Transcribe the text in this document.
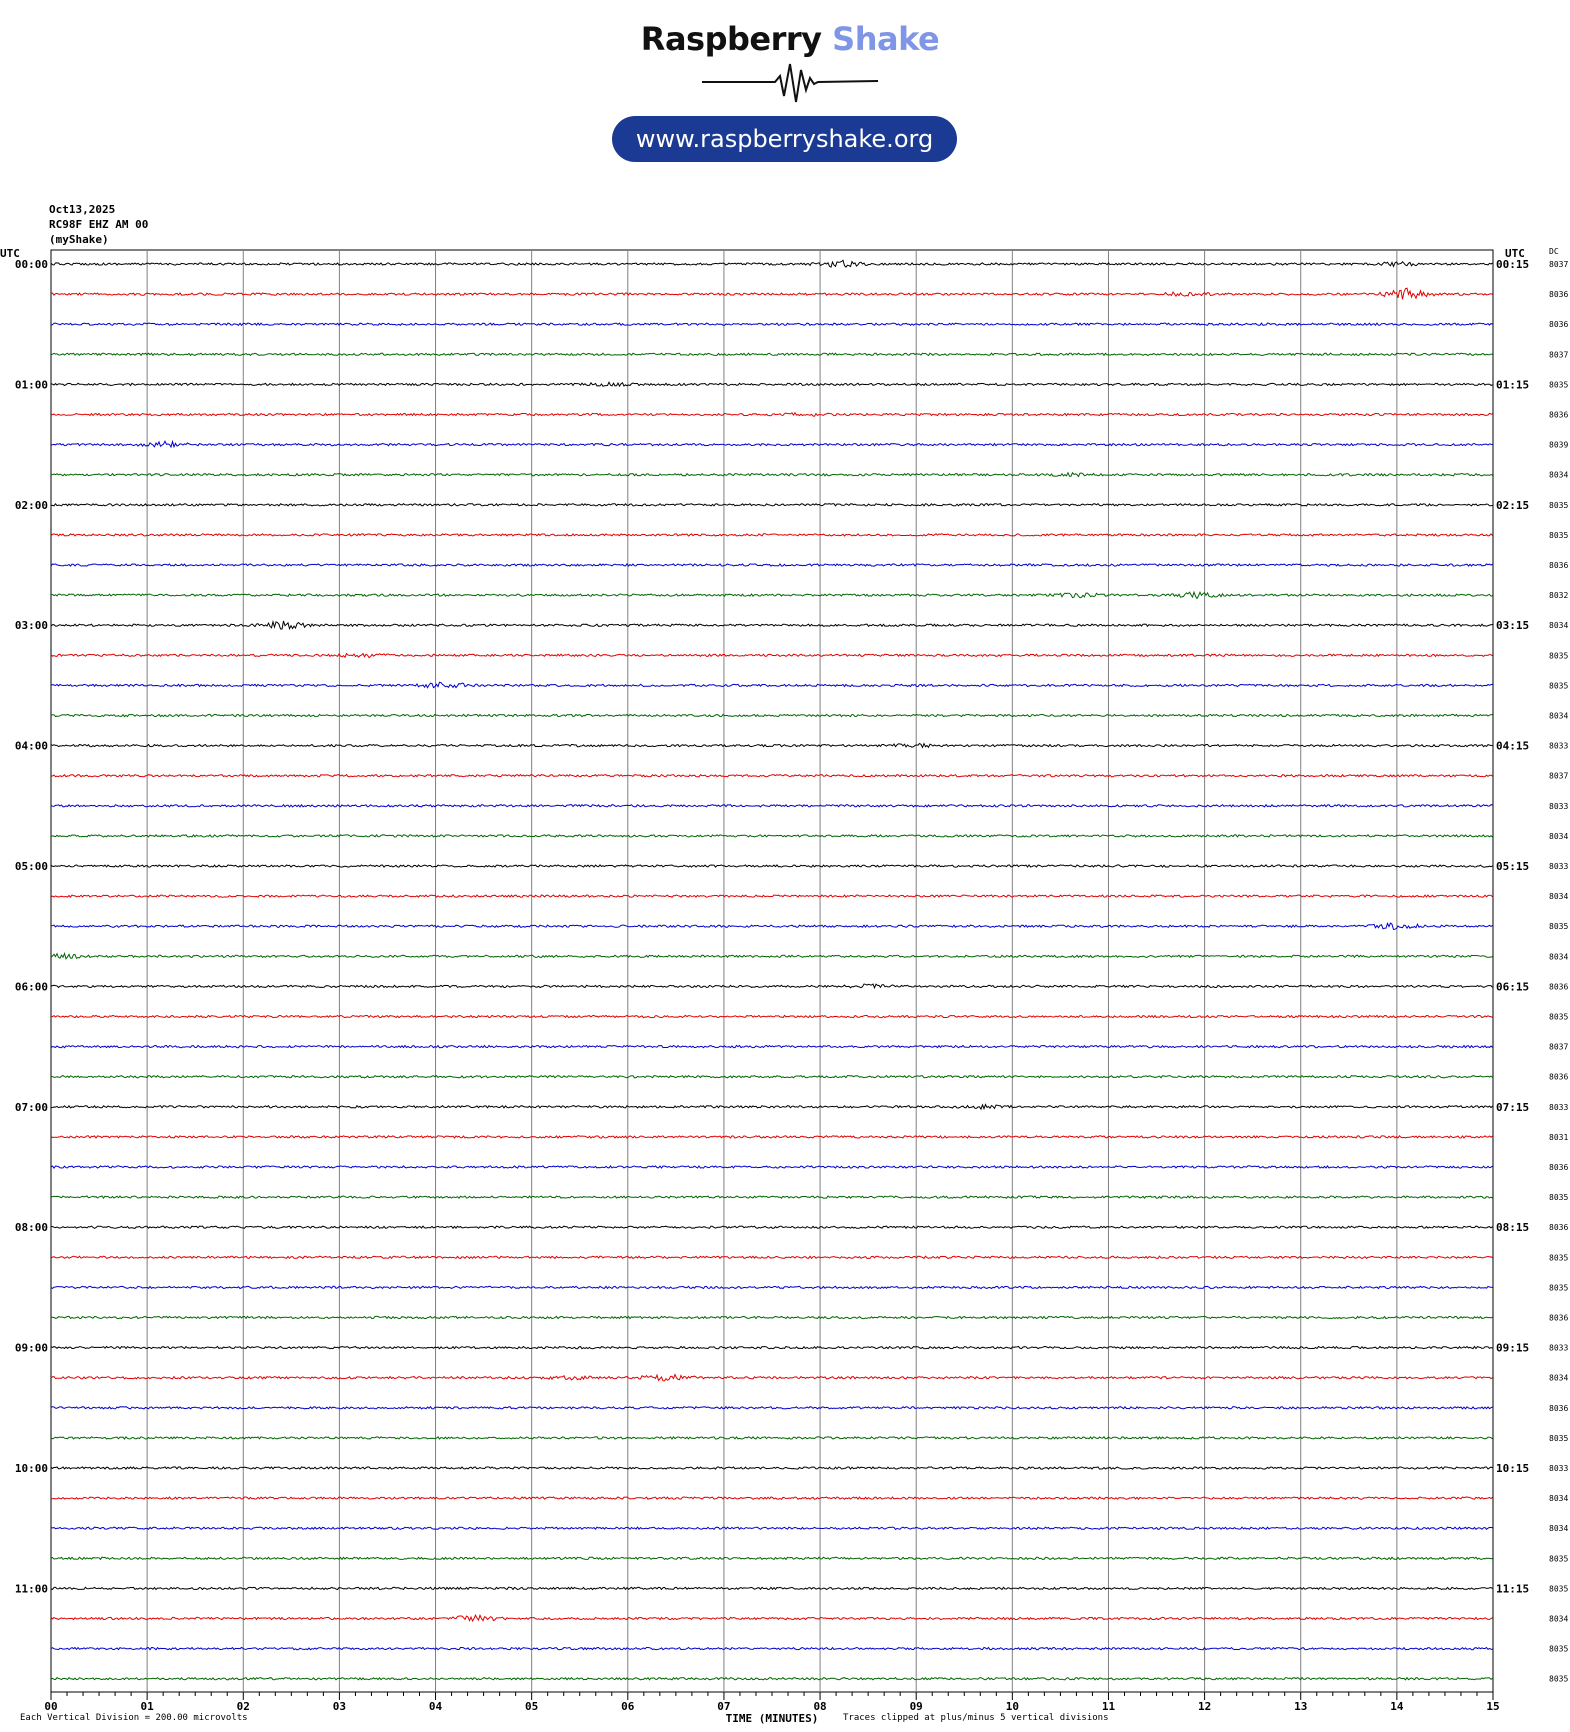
Raspberry Shake
www.raspberryshake.org
Oct13,2025
RC98F EHZ AM 00
(myShake)
00	01	02	03	04	05	06	07	08	09	10	11	12	13	14	15
TIME (MINUTES)
UTC	UTC	DC
00:00	00:15 8037
8036
8036
8037
01:00	01:15 8035
8036
8039
8034
02:00	02:15 8035
8035
8036
8032
03:00	03:15 8034
8035
8035
8034
04:00	04:15 8033
8037
8033
8034
05:00	05:15 8033
8034
8035
8034
06:00	06:15 8036
8035
8037
8036
07:00	07:15 8033
8031
8036
8035
08:00	08:15 8036
8035
8035
8036
09:00	09:15 8033
8034
8036
8035
10:00	10:15 8033
8034
8034
8035
11:00	11:15 8035
8034
8035
8035
Each Vertical Division = 200.00 microvolts	Traces clipped at plus/minus 5 vertical divisions
